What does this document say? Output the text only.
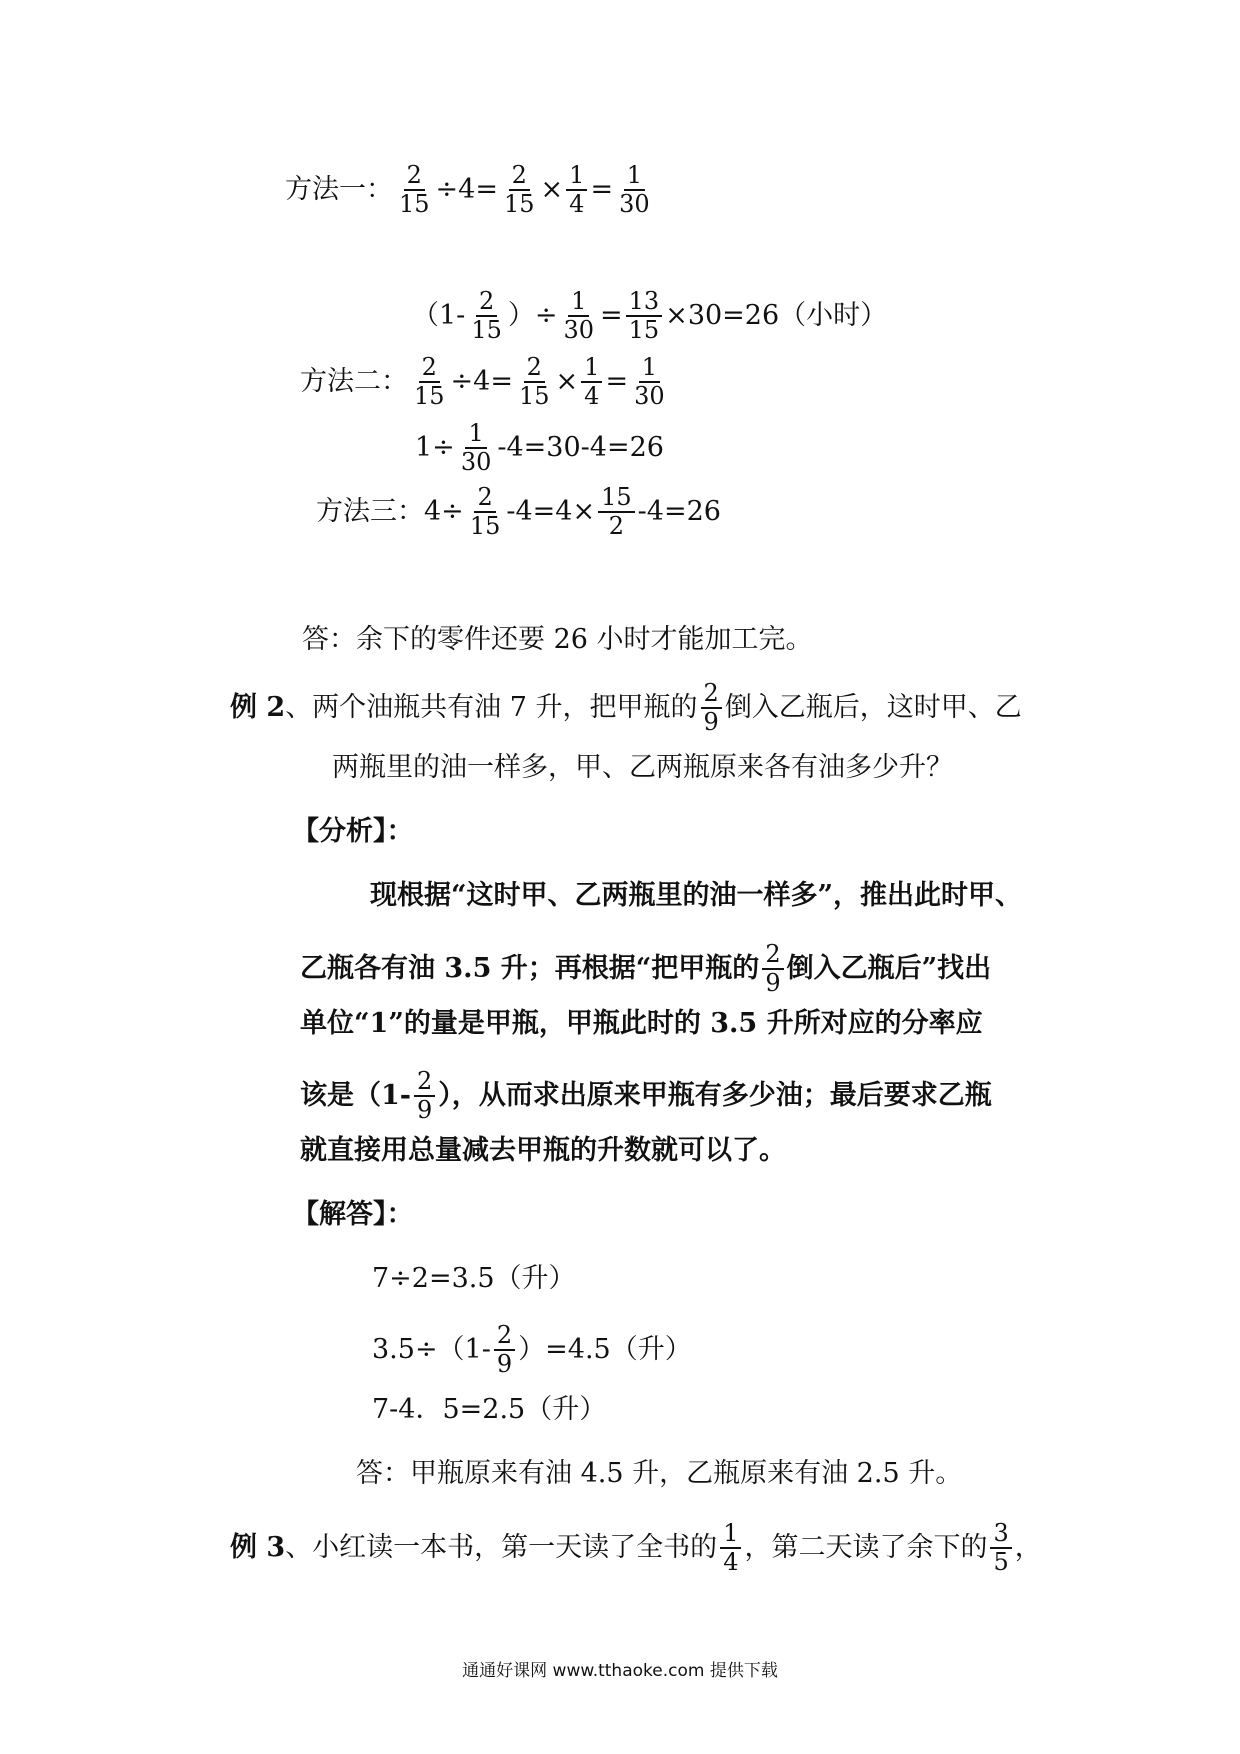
方法一： $\frac{2}{15} \div 4= \frac{2}{15} \times \frac{1}{4} = \frac{1}{30}$
（$1- \frac{2}{15}$ ）÷ $\frac{1}{30} = \frac{13}{15} \times 30=26$（小时）
方法二： $\frac{2}{15} \div 4= \frac{2}{15} \times \frac{1}{4} = \frac{1}{30}$
$1\div \frac{1}{30} -4=30-4=26$
方法三： $4\div \frac{2}{15} -4=4\times \frac{15}{2} -4=26$
答：余下的零件还要 26 小时才能加工完。
例 2 、两个油瓶共有油 7 升，把甲瓶的 $\frac{2}{9}$ 倒入乙瓶后，这时甲、乙
两瓶里的油一样多，甲、乙两瓶原来各有油多少升？
【分析】：
现根据“这时甲、乙两瓶里的油一样多”，推出此时甲、
乙瓶各有油 3.5 升；再根据“把甲瓶的 $\frac{2}{9}$ 倒入乙瓶后”找出
单位“1”的量是甲瓶，甲瓶此时的 3.5 升所对应的分率应
该是（$1- \frac{2}{9}$ ），从而求出原来甲瓶有多少油；最后要求乙瓶
就直接用总量减去甲瓶的升数就可以了。
【解答】：
7÷2=3.5（升）
$3.5\div(1- \frac{2}{9} )=4.5$（升）
7-4．5=2.5（升）
答：甲瓶原来有油 4.5 升，乙瓶原来有油 2.5 升。
例 3 、小红读一本书，第一天读了全书的 $\frac{1}{4}$ ，第二天读了余下的 $\frac{3}{5}$ ，
通通好课网 www.tthaoke.com 提供下载
